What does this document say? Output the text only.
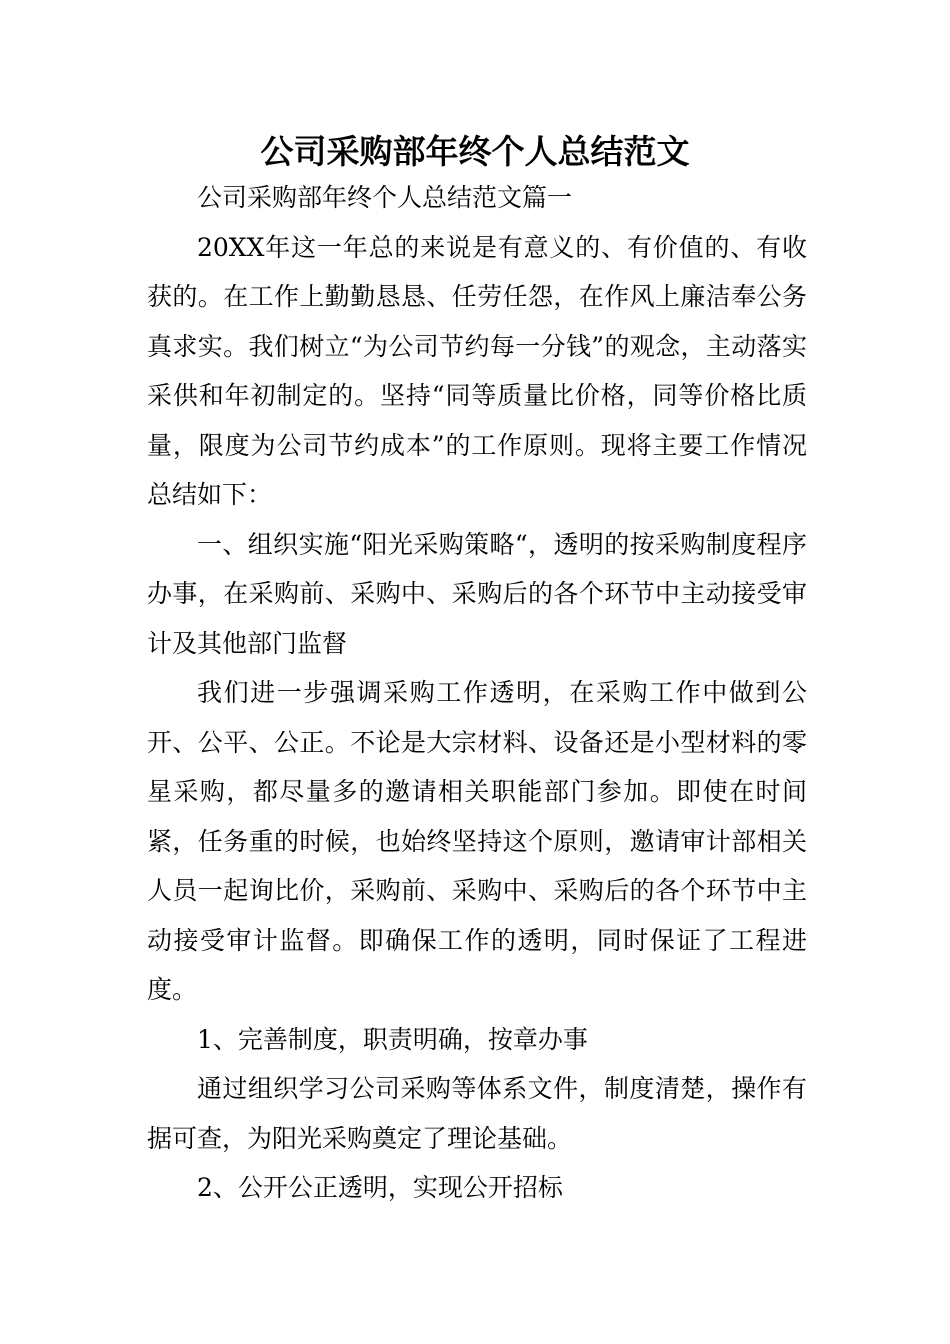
公司采购部年终个人总结范文

公司采购部年终个人总结范文篇一

20XX年这一年总的来说是有意义的、有价值的、有收获的。在工作上勤勤恳恳、任劳任怨，在作风上廉洁奉公务真求实。我们树立“为公司节约每一分钱”的观念，主动落实采供和年初制定的。坚持“同等质量比价格，同等价格比质量，限度为公司节约成本”的工作原则。现将主要工作情况总结如下：

一、组织实施“阳光采购策略“，透明的按采购制度程序办事，在采购前、采购中、采购后的各个环节中主动接受审计及其他部门监督

我们进一步强调采购工作透明，在采购工作中做到公开、公平、公正。不论是大宗材料、设备还是小型材料的零星采购，都尽量多的邀请相关职能部门参加。即使在时间紧，任务重的时候，也始终坚持这个原则，邀请审计部相关人员一起询比价，采购前、采购中、采购后的各个环节中主动接受审计监督。即确保工作的透明，同时保证了工程进度。

1、完善制度，职责明确，按章办事

通过组织学习公司采购等体系文件，制度清楚，操作有据可查，为阳光采购奠定了理论基础。

2、公开公正透明，实现公开招标
